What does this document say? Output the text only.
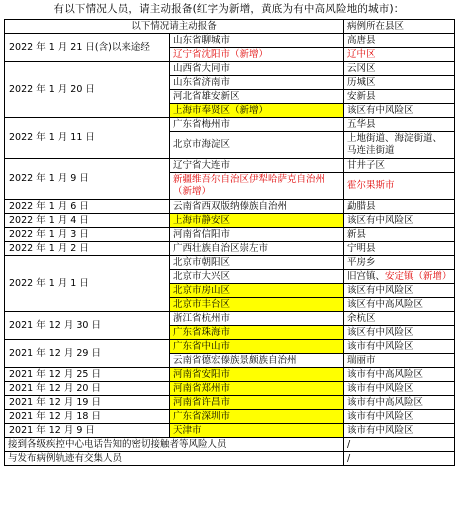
有以下情况人员，请主动报备(红字为新增，黄底为有中高风险地的城市)：
以下情况请主动报备		病例所在县区
2022 年 1 月 21 日(含)以来途经	山东省聊城市	高唐县
	辽宁省沈阳市（新增）	辽中区
2022 年 1 月 20 日	山西省大同市	云冈区
	山东省济南市	历城区
	河北省雄安新区	安新县
	上海市奉贤区（新增）	该区有中风险区
2022 年 1 月 11 日	广东省梅州市	五华县
	北京市海淀区	上地街道、海淀街道、马连洼街道
2022 年 1 月 9 日	辽宁省大连市	甘井子区
	新疆维吾尔自治区伊犁哈萨克自治州（新增）	霍尔果斯市
2022 年 1 月 6 日	云南省西双版纳傣族自治州	勐腊县
2022 年 1 月 4 日	上海市静安区	该区有中风险区
2022 年 1 月 3 日	河南省信阳市	新县
2022 年 1 月 2 日	广西壮族自治区崇左市	宁明县
2022 年 1 月 1 日	北京市朝阳区	平房乡
	北京市大兴区	旧宫镇、安定镇（新增）
	北京市房山区	该区有中风险区
	北京市丰台区	该区有中高风险区
2021 年 12 月 30 日	浙江省杭州市	余杭区
	广东省珠海市	该区有中风险区
2021 年 12 月 29 日	广东省中山市	该市有中风险区
	云南省德宏傣族景颇族自治州	瑞丽市
2021 年 12 月 25 日	河南省安阳市	该市有中高风险区
2021 年 12 月 20 日	河南省郑州市	该市有中风险区
2021 年 12 月 19 日	河南省许昌市	该市有中高风险区
2021 年 12 月 18 日	广东省深圳市	该市有中风险区
2021 年 12 月 9 日	天津市	该市有中风险区
接到各级疾控中心电话告知的密切接触者等风险人员		/
与发布病例轨迹有交集人员		/
